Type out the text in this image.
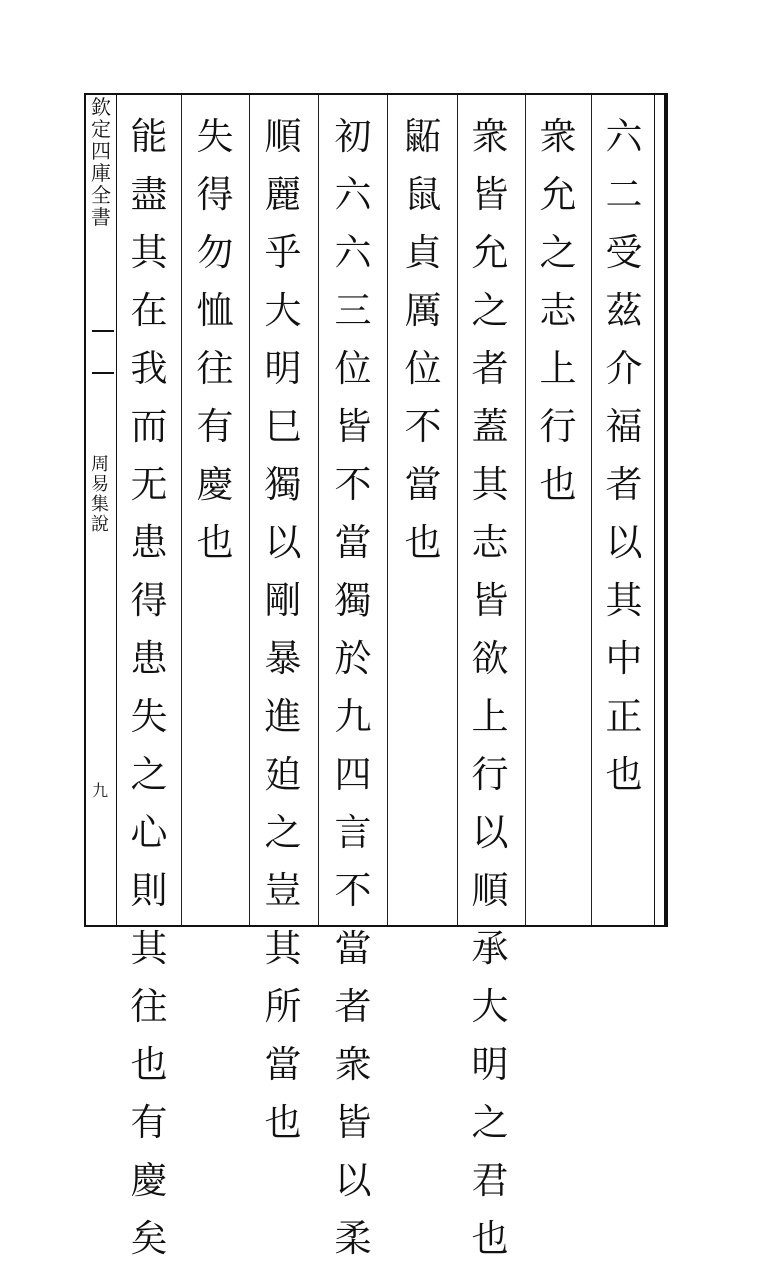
欽
定
四
庫
全
書
周
易
集
說
九
六
二
受
茲
介
福
者
以
其
中
正
也
衆
允
之
志
上
行
也
衆
皆
允
之
者
蓋
其
志
皆
欲
上
行
以
順
承
大
明
之
君
也
鼫
鼠
貞
厲
位
不
當
也
初
六
六
三
位
皆
不
當
獨
於
九
四
言
不
當
者
衆
皆
以
柔
順
麗
乎
大
明
巳
獨
以
剛
暴
進
廹
之
豈
其
所
當
也
失
得
勿
恤
往
有
慶
也
能
盡
其
在
我
而
无
患
得
患
失
之
心
則
其
往
也
有
慶
矣
